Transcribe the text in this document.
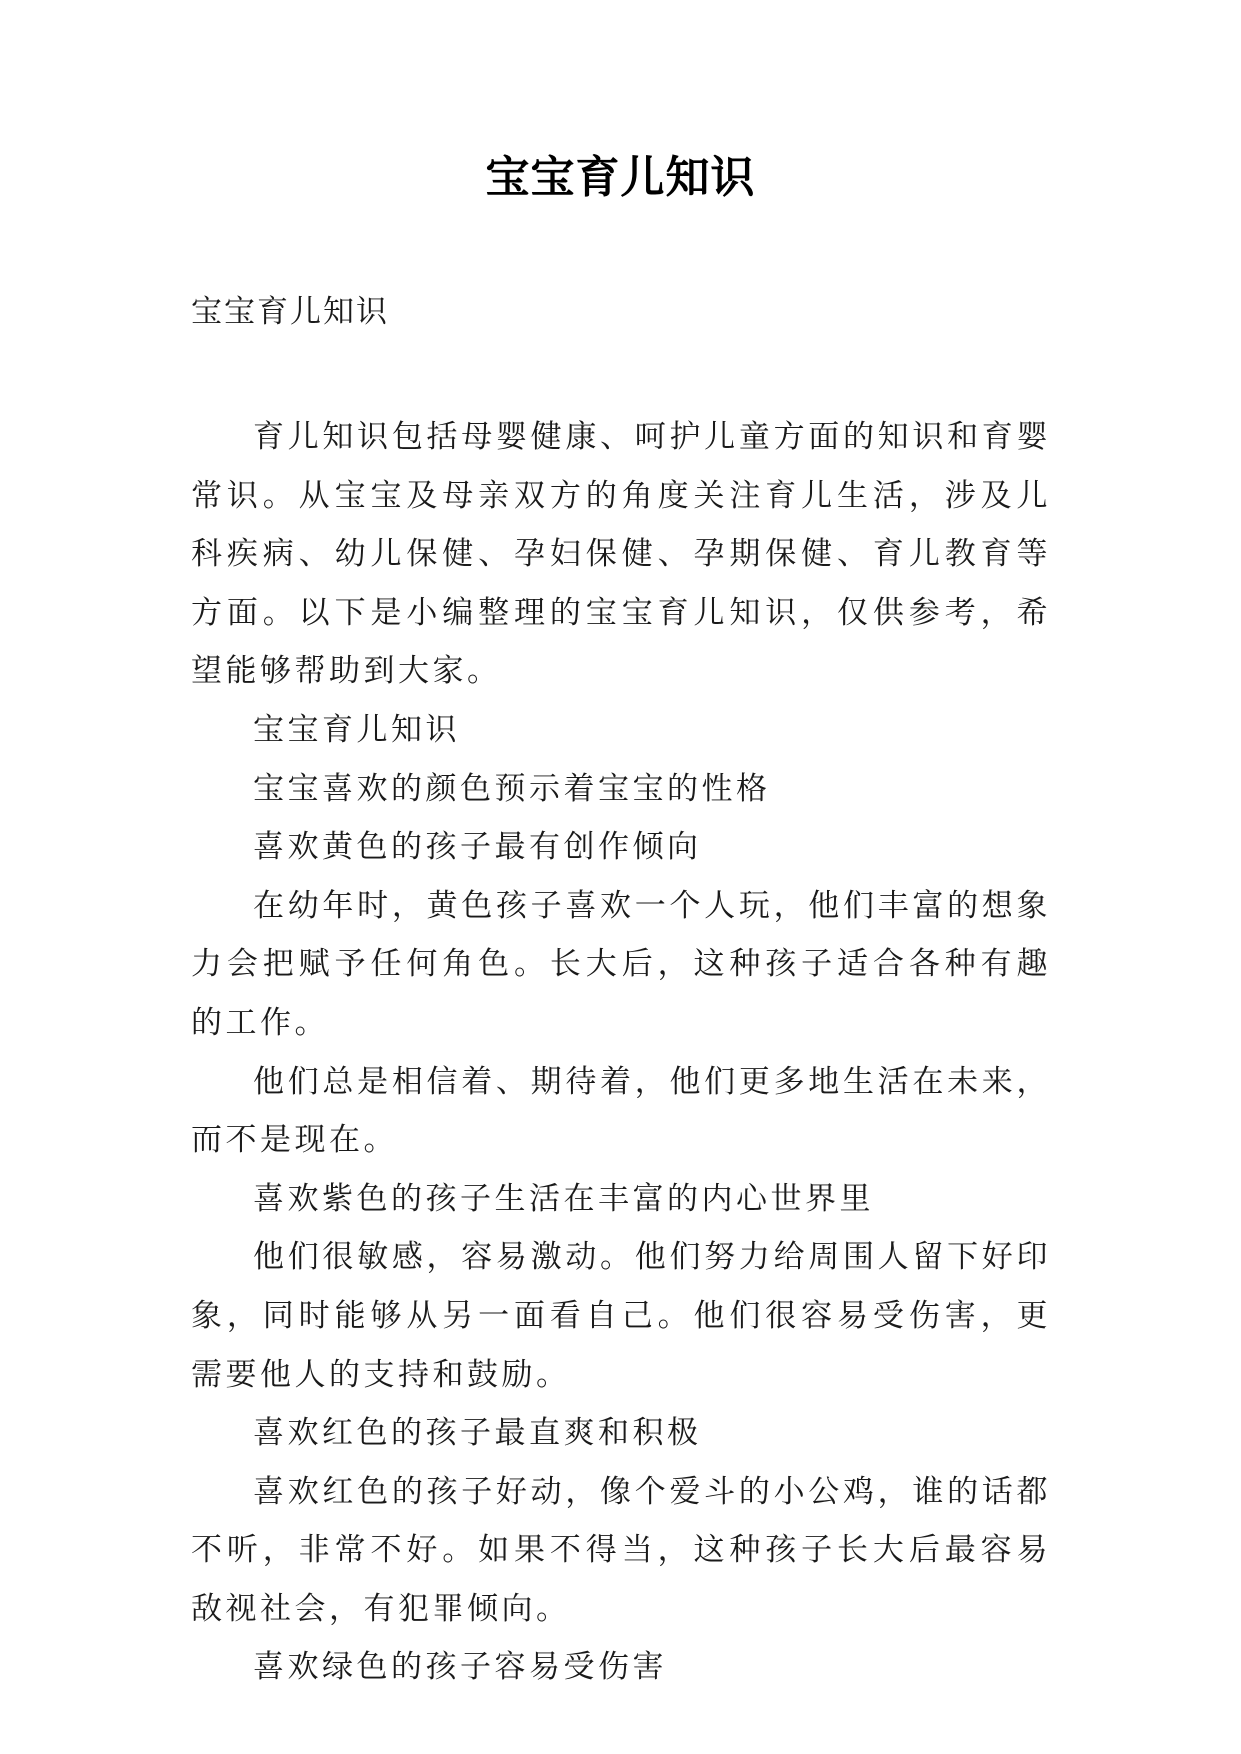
宝宝育儿知识
宝宝育儿知识

育儿知识包括母婴健康、呵护儿童方面的知识和育婴常识。从宝宝及母亲双方的角度关注育儿生活，涉及儿科疾病、幼儿保健、孕妇保健、孕期保健、育儿教育等方面。以下是小编整理的宝宝育儿知识，仅供参考，希望能够帮助到大家。

宝宝育儿知识

宝宝喜欢的颜色预示着宝宝的性格

喜欢黄色的孩子最有创作倾向

在幼年时，黄色孩子喜欢一个人玩，他们丰富的想象力会把赋予任何角色。长大后，这种孩子适合各种有趣的工作。

他们总是相信着、期待着，他们更多地生活在未来，而不是现在。

喜欢紫色的孩子生活在丰富的内心世界里

他们很敏感，容易激动。他们努力给周围人留下好印象，同时能够从另一面看自己。他们很容易受伤害，更需要他人的支持和鼓励。

喜欢红色的孩子最直爽和积极

喜欢红色的孩子好动，像个爱斗的小公鸡，谁的话都不听，非常不好。如果不得当，这种孩子长大后最容易敌视社会，有犯罪倾向。

喜欢绿色的孩子容易受伤害
